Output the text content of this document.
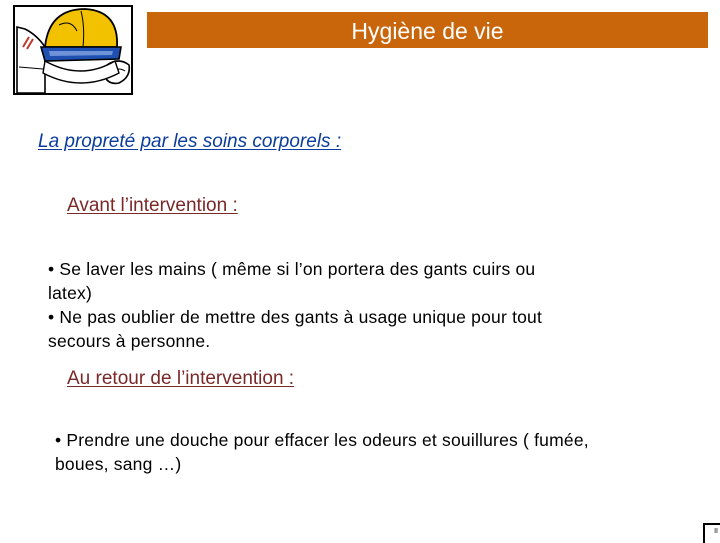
Hygiène de vie
La propreté par les soins corporels :
Avant l’intervention :
• Se laver les mains ( même si l’on portera des gants cuirs ou
latex)
• Ne pas oublier de mettre des gants à usage unique pour tout
secours à personne.
Au retour de l’intervention :
• Prendre une douche pour effacer les odeurs et souillures ( fumée,
boues, sang …)
II
